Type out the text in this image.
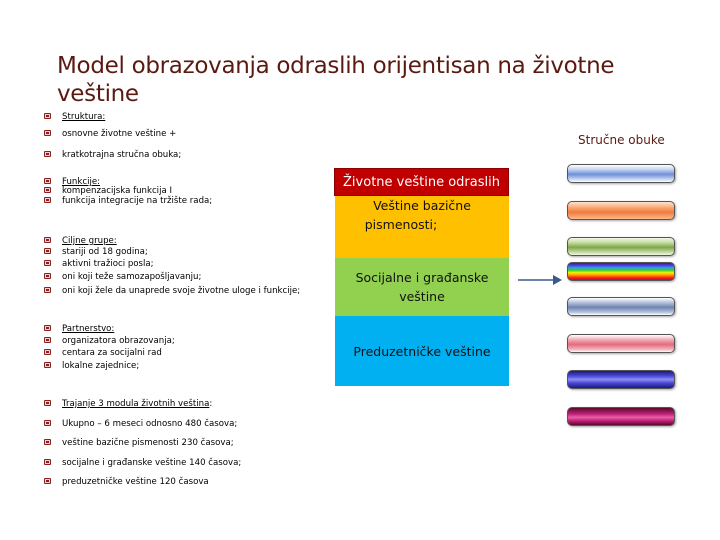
Model obrazovanja odraslih orijentisan na životne veštine
Struktura:
osnovne životne veštine +
kratkotrajna stručna obuka;
Funkcije:
kompenzacijska funkcija I
funkcija integracije na tržište rada;
Ciljne grupe:
stariji od 18 godina;
aktivni tražioci posla;
oni koji teže samozapošljavanju;
oni koji žele da unaprede svoje životne uloge i funkcije;
Partnerstvo:
organizatora obrazovanja;
centara za socijalni rad
lokalne zajednice;
Trajanje 3 modula životnih veština:
Ukupno – 6 meseci odnosno 480 časova;
veštine bazične pismenosti 230 časova;
socijalne i građanske veštine 140 časova;
preduzetničke veštine 120 časova
Životne veštine odraslih
Veštine bazične
pismenosti;
Socijalne i građanske
veštine
Preduzetničke veštine
Stručne obuke
